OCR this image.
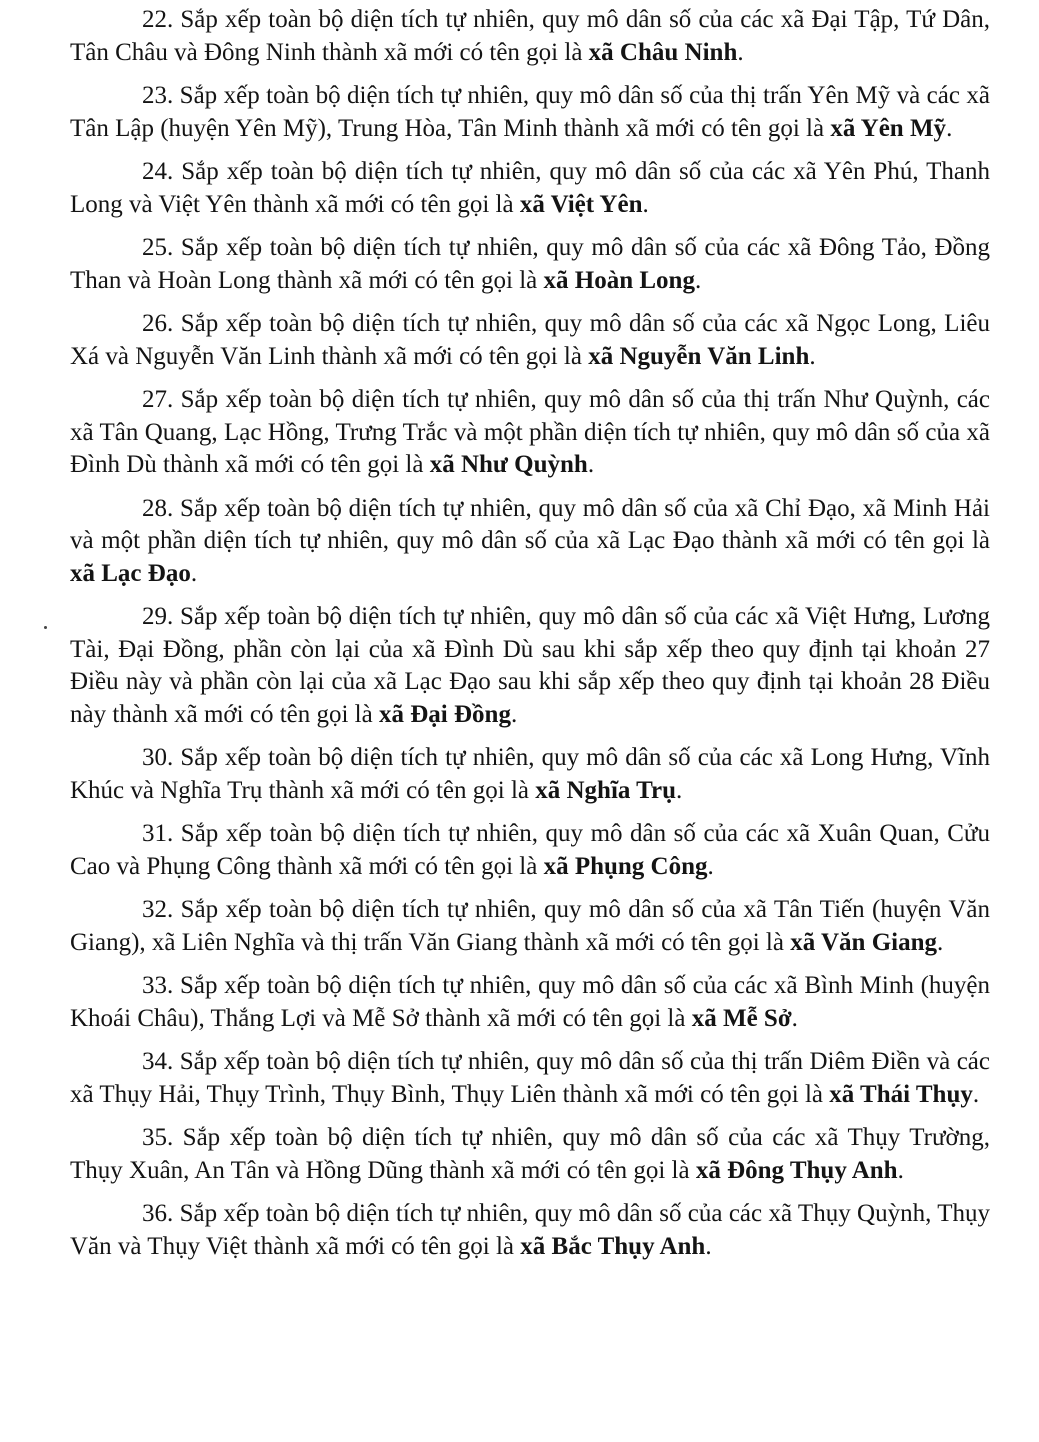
22. Sắp xếp toàn bộ diện tích tự nhiên, quy mô dân số của các xã Đại Tập, Tứ Dân, Tân Châu và Đông Ninh thành xã mới có tên gọi là xã Châu Ninh.

23. Sắp xếp toàn bộ diện tích tự nhiên, quy mô dân số của thị trấn Yên Mỹ và các xã Tân Lập (huyện Yên Mỹ), Trung Hòa, Tân Minh thành xã mới có tên gọi là xã Yên Mỹ.

24. Sắp xếp toàn bộ diện tích tự nhiên, quy mô dân số của các xã Yên Phú, Thanh Long và Việt Yên thành xã mới có tên gọi là xã Việt Yên.

25. Sắp xếp toàn bộ diện tích tự nhiên, quy mô dân số của các xã Đông Tảo, Đồng Than và Hoàn Long thành xã mới có tên gọi là xã Hoàn Long.

26. Sắp xếp toàn bộ diện tích tự nhiên, quy mô dân số của các xã Ngọc Long, Liêu Xá và Nguyễn Văn Linh thành xã mới có tên gọi là xã Nguyễn Văn Linh.

27. Sắp xếp toàn bộ diện tích tự nhiên, quy mô dân số của thị trấn Như Quỳnh, các xã Tân Quang, Lạc Hồng, Trưng Trắc và một phần diện tích tự nhiên, quy mô dân số của xã Đình Dù thành xã mới có tên gọi là xã Như Quỳnh.

28. Sắp xếp toàn bộ diện tích tự nhiên, quy mô dân số của xã Chỉ Đạo, xã Minh Hải và một phần diện tích tự nhiên, quy mô dân số của xã Lạc Đạo thành xã mới có tên gọi là xã Lạc Đạo.

29. Sắp xếp toàn bộ diện tích tự nhiên, quy mô dân số của các xã Việt Hưng, Lương Tài, Đại Đồng, phần còn lại của xã Đình Dù sau khi sắp xếp theo quy định tại khoản 27 Điều này và phần còn lại của xã Lạc Đạo sau khi sắp xếp theo quy định tại khoản 28 Điều này thành xã mới có tên gọi là xã Đại Đồng.

30. Sắp xếp toàn bộ diện tích tự nhiên, quy mô dân số của các xã Long Hưng, Vĩnh Khúc và Nghĩa Trụ thành xã mới có tên gọi là xã Nghĩa Trụ.

31. Sắp xếp toàn bộ diện tích tự nhiên, quy mô dân số của các xã Xuân Quan, Cửu Cao và Phụng Công thành xã mới có tên gọi là xã Phụng Công.

32. Sắp xếp toàn bộ diện tích tự nhiên, quy mô dân số của xã Tân Tiến (huyện Văn Giang), xã Liên Nghĩa và thị trấn Văn Giang thành xã mới có tên gọi là xã Văn Giang.

33. Sắp xếp toàn bộ diện tích tự nhiên, quy mô dân số của các xã Bình Minh (huyện Khoái Châu), Thắng Lợi và Mễ Sở thành xã mới có tên gọi là xã Mễ Sở.

34. Sắp xếp toàn bộ diện tích tự nhiên, quy mô dân số của thị trấn Diêm Điền và các xã Thụy Hải, Thụy Trình, Thụy Bình, Thụy Liên thành xã mới có tên gọi là xã Thái Thụy.

35. Sắp xếp toàn bộ diện tích tự nhiên, quy mô dân số của các xã Thụy Trường, Thụy Xuân, An Tân và Hồng Dũng thành xã mới có tên gọi là xã Đông Thụy Anh.

36. Sắp xếp toàn bộ diện tích tự nhiên, quy mô dân số của các xã Thụy Quỳnh, Thụy Văn và Thụy Việt thành xã mới có tên gọi là xã Bắc Thụy Anh.
